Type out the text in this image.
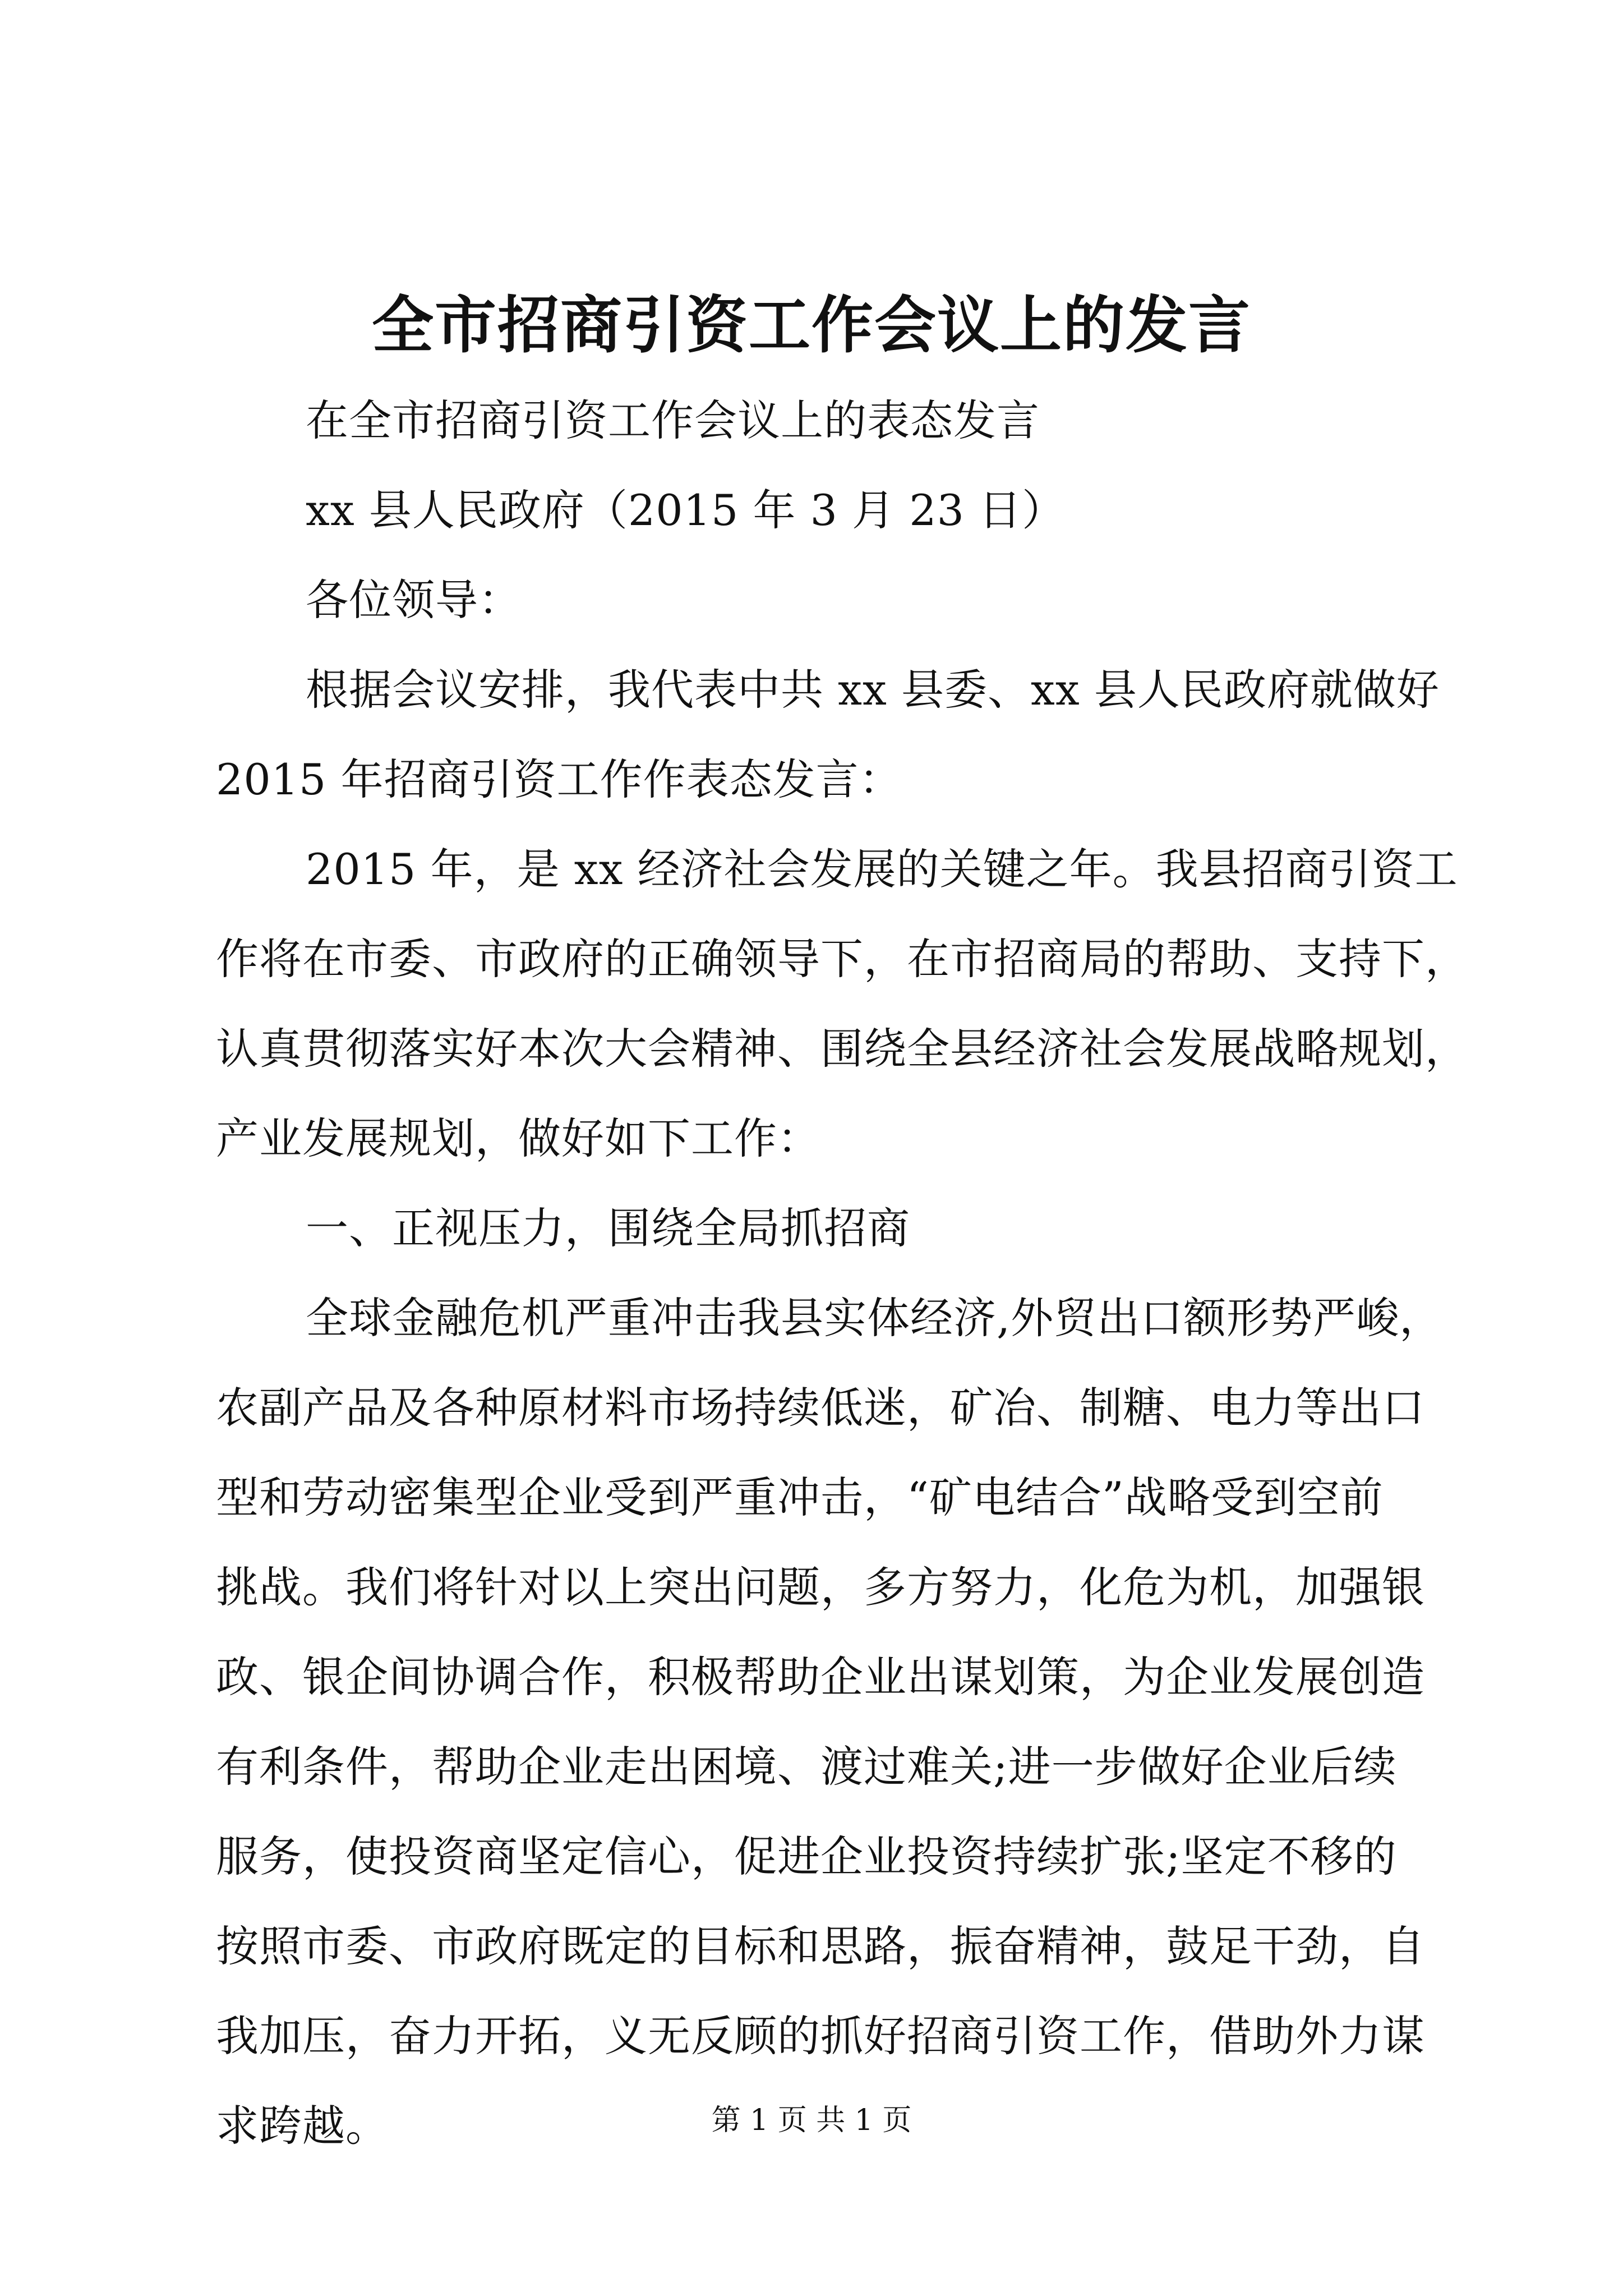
全市招商引资工作会议上的发言
在全市招商引资工作会议上的表态发言
xx 县人民政府（2015 年 3 月 23 日）
各位领导：
根据会议安排，我代表中共 xx 县委、xx 县人民政府就做好
2015 年招商引资工作作表态发言：
2015 年，是 xx 经济社会发展的关键之年。我县招商引资工
作将在市委、市政府的正确领导下，在市招商局的帮助、支持下，
认真贯彻落实好本次大会精神、围绕全县经济社会发展战略规划，
产业发展规划，做好如下工作：
一、正视压力，围绕全局抓招商
全球金融危机严重冲击我县实体经济,外贸出口额形势严峻，
农副产品及各种原材料市场持续低迷，矿冶、制糖、电力等出口
型和劳动密集型企业受到严重冲击，“矿电结合”战略受到空前
挑战。我们将针对以上突出问题，多方努力，化危为机，加强银
政、银企间协调合作，积极帮助企业出谋划策，为企业发展创造
有利条件，帮助企业走出困境、渡过难关;进一步做好企业后续
服务，使投资商坚定信心，促进企业投资持续扩张;坚定不移的
按照市委、市政府既定的目标和思路，振奋精神，鼓足干劲，自
我加压，奋力开拓，义无反顾的抓好招商引资工作，借助外力谋
求跨越。	第 1 页 共 1 页
